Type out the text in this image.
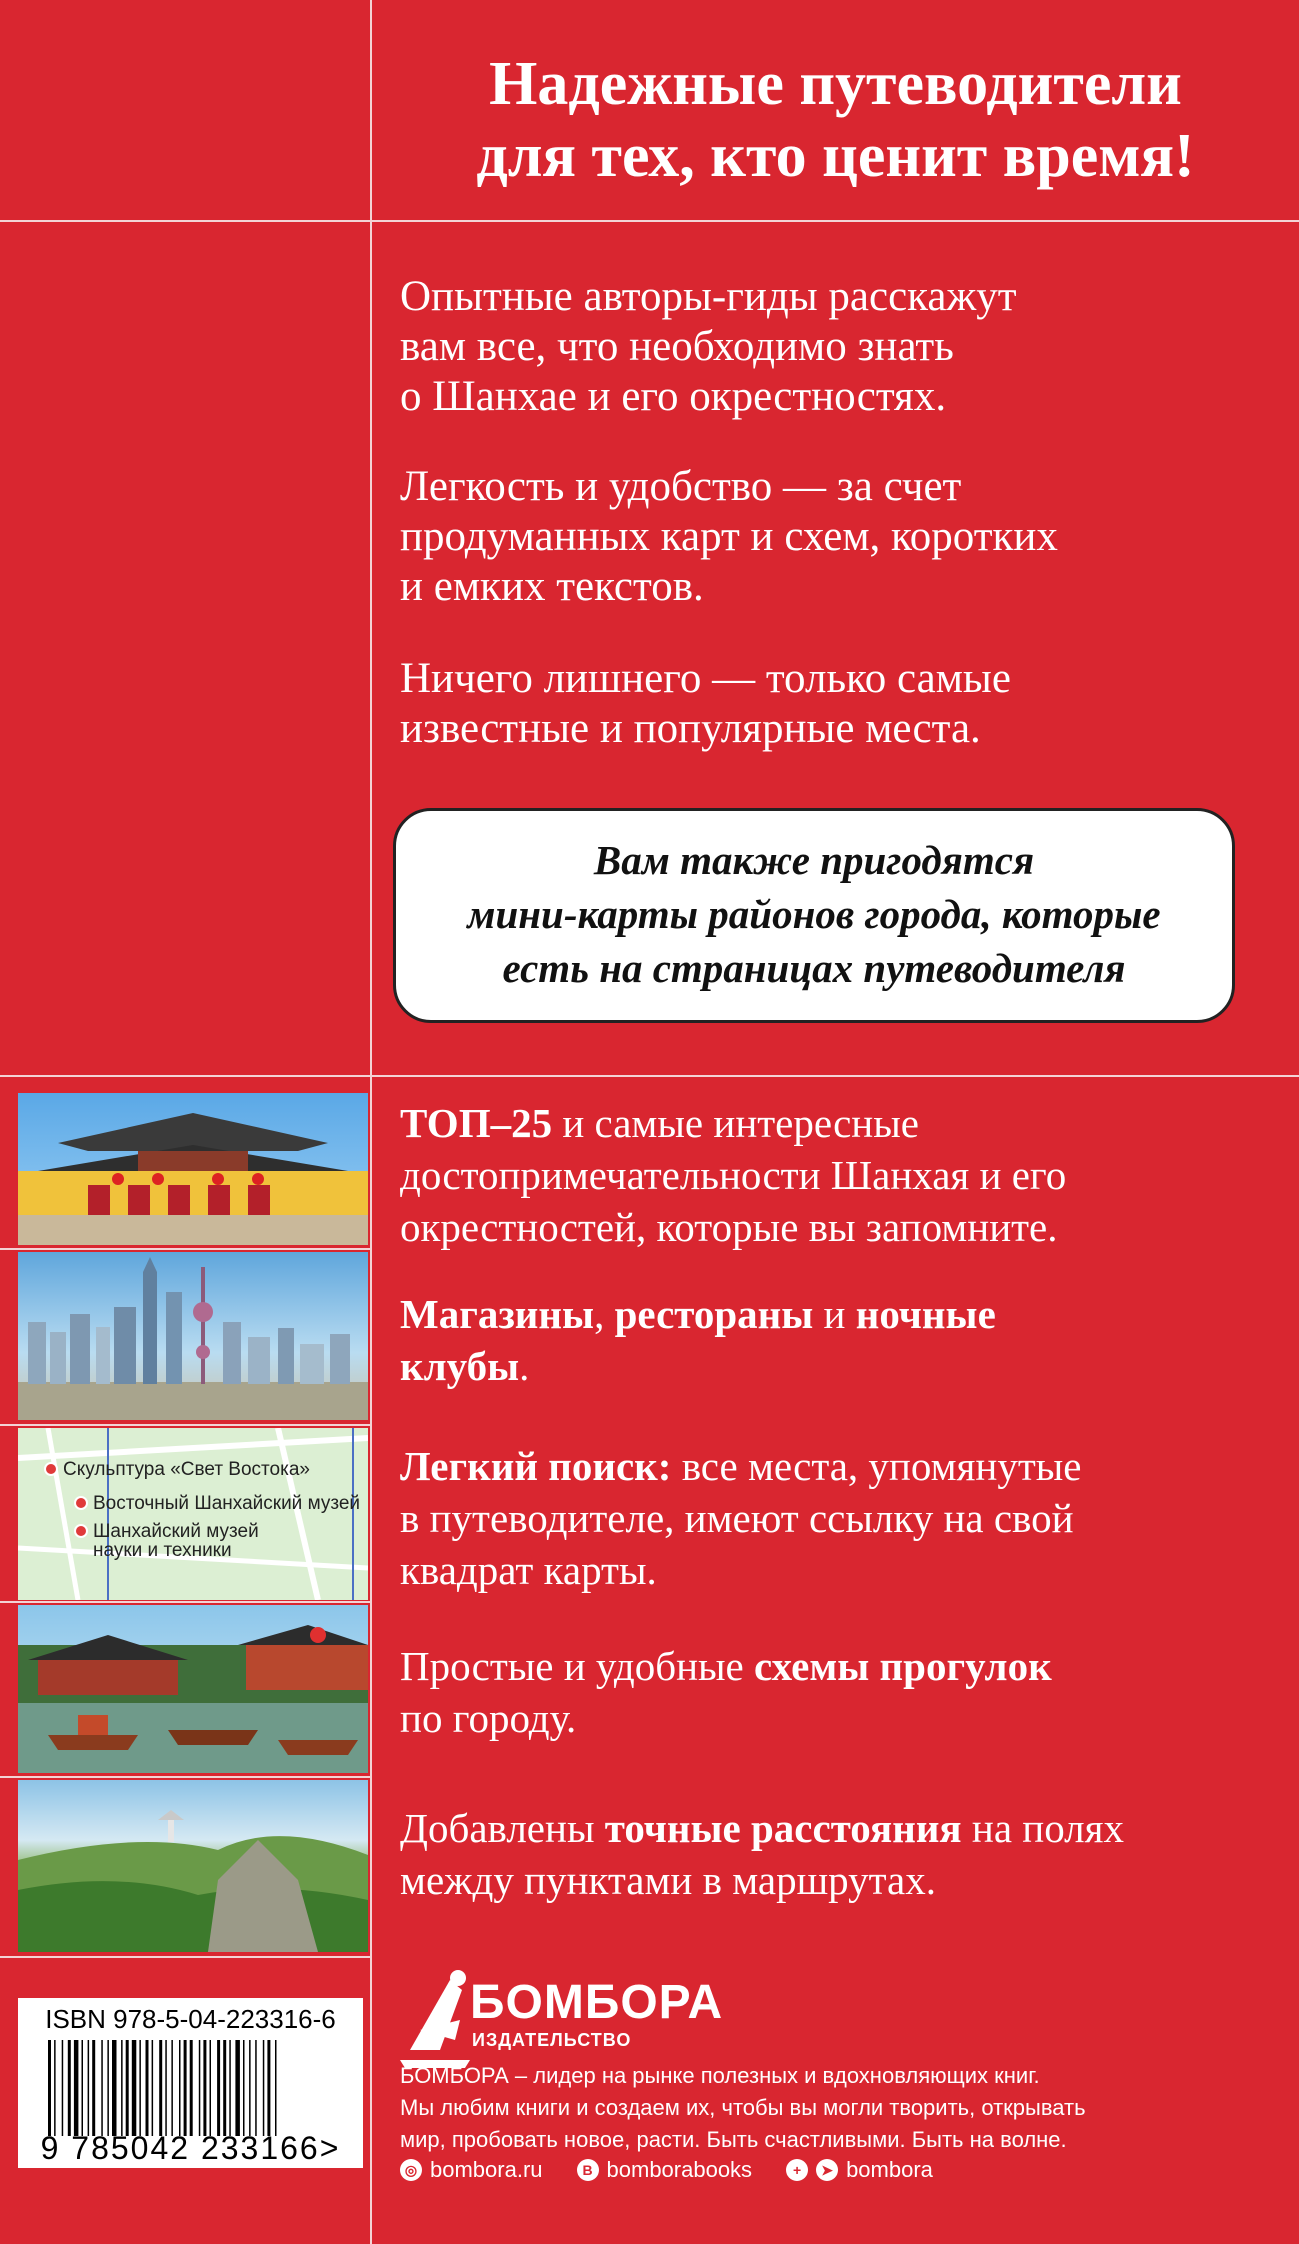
Надежные путеводители
для тех, кто ценит время!
Опытные авторы-гиды расскажут
вам все, что необходимо знать
о Шанхае и его окрестностях.
Легкость и удобство — за счет
продуманных карт и схем, коротких
и емких текстов.
Ничего лишнего — только самые
известные и популярные места.
Вам также пригодятся
мини-карты районов города, которые
есть на страницах путеводителя
Скульптура «Свет Востока»
Восточный Шанхайский музей
Шанхайский музей
науки и техники
ТОП–25 и самые интересные
достопримечательности Шанхая и его
окрестностей, которые вы запомните.
Магазины, рестораны и ночные
клубы.
Легкий поиск: все места, упомянутые
в путеводителе, имеют ссылку на свой
квадрат карты.
Простые и удобные схемы прогулок
по городу.
Добавлены точные расстояния на полях
между пунктами в маршрутах.
ISBN 978-5-04-223316-6
9 785042 233166>
БОМБОРА
ИЗДАТЕЛЬСТВО
БОМБОРА – лидер на рынке полезных и вдохновляющих книг.
Мы любим книги и создаем их, чтобы вы могли творить, открывать
мир, пробовать новое, расти. Быть счастливыми. Быть на волне.
◎ bombora.ru	В bomborabooks	+	➤ bombora
